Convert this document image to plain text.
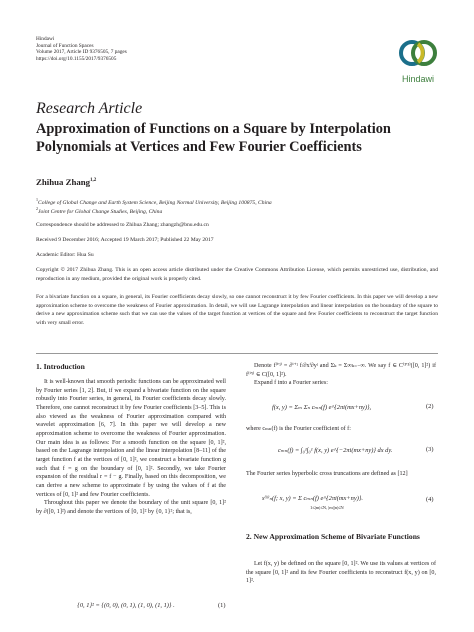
Hindawi
Journal of Function Spaces
Volume 2017, Article ID 9376505, 7 pages
https://doi.org/10.1155/2017/9376505
Hindawi
Research Article
Approximation of Functions on a Square by Interpolation Polynomials at Vertices and Few Fourier Coefficients
Zhihua Zhang$^{1,2}$
$^1$College of Global Change and Earth System Science, Beijing Normal University, Beijing 100875, China
$^2$Joint Centre for Global Change Studies, Beijing, China
Correspondence should be addressed to Zhihua Zhang; zhangzh@bnu.edu.cn
Received 9 December 2016; Accepted 19 March 2017; Published 22 May 2017
Academic Editor: Hua Su
Copyright © 2017 Zhihua Zhang. This is an open access article distributed under the Creative Commons Attribution License, which permits unrestricted use, distribution, and reproduction in any medium, provided the original work is properly cited.
For a bivariate function on a square, in general, its Fourier coefficients decay slowly, so one cannot reconstruct it by few Fourier coefficients. In this paper we will develop a new approximation scheme to overcome the weakness of Fourier approximation. In detail, we will use Lagrange interpolation and linear interpolation on the boundary of the square to derive a new approximation scheme such that we can use the values of the target function at vertices of the square and few Fourier coefficients to reconstruct the target function with very small error.
1. Introduction

It is well-known that smooth periodic functions can be approximated well by Fourier series [1, 2]. But, if we expand a bivariate function on the square robustly into Fourier series, in general, its Fourier coefficients decay slowly. Therefore, one cannot reconstruct it by few Fourier coefficients [3–5]. This is also viewed as the weakness of Fourier approximation compared with wavelet approximation [6, 7]. In this paper we will develop a new approximation scheme to overcome the weakness of Fourier approximation. Our main idea is as follows: For a smooth function on the square [0, 1]², based on the Lagrange interpolation and the linear interpolation [8–11] of the target function f at the vertices of [0, 1]², we construct a bivariate function g such that f = g on the boundary of [0, 1]². Secondly, we take Fourier expansion of the residual r = f − g. Finally, based on this decomposition, we can derive a new scheme to approximate f by using the values of f at the vertices of [0, 1]² and few Fourier coefficients.

Throughout this paper we denote the boundary of the unit square [0, 1]² by ∂([0, 1]²) and denote the vertices of [0, 1]² by {0, 1}²; that is,

{0, 1}² = {(0, 0), (0, 1), (1, 0), (1, 1)} .	(1)

Denote f⁽ⁱ'ʲ⁾ = ∂ⁱ⁺ʲ f/∂xⁱ∂yʲ and Σₖ = Σ∞ₖ₌₋∞. We say f ∈ C⁽³'³⁾([0, 1]²) if f⁽ⁱ'ʲ⁾ ∈ C([0, 1]²).

Expand f into a Fourier series:

f(x, y) = Σₘ Σₙ cₘₙ(f) e^{2πi(mx+ny)},	(2)
where cₘₙ(f) is the Fourier coefficient of f:
cₘₙ(f) = ∫₀¹∫₀¹ f(x, y) e^{−2πi(mx+ny)} dx dy.	(3)
The Fourier series hyperbolic cross truncations are defined as [12]
s⁽ʰ⁾ₙ(f; x, y) = Σ cₘₙ(f) e^{2πi(mx+ny)}.
1≤|m|≤N, |m||n|≤N
(4)
2. New Approximation Scheme of Bivariate Functions

Let f(x, y) be defined on the square [0, 1]². We use its values at vertices of the square [0, 1]² and its few Fourier coefficients to reconstruct f(x, y) on [0, 1]².
